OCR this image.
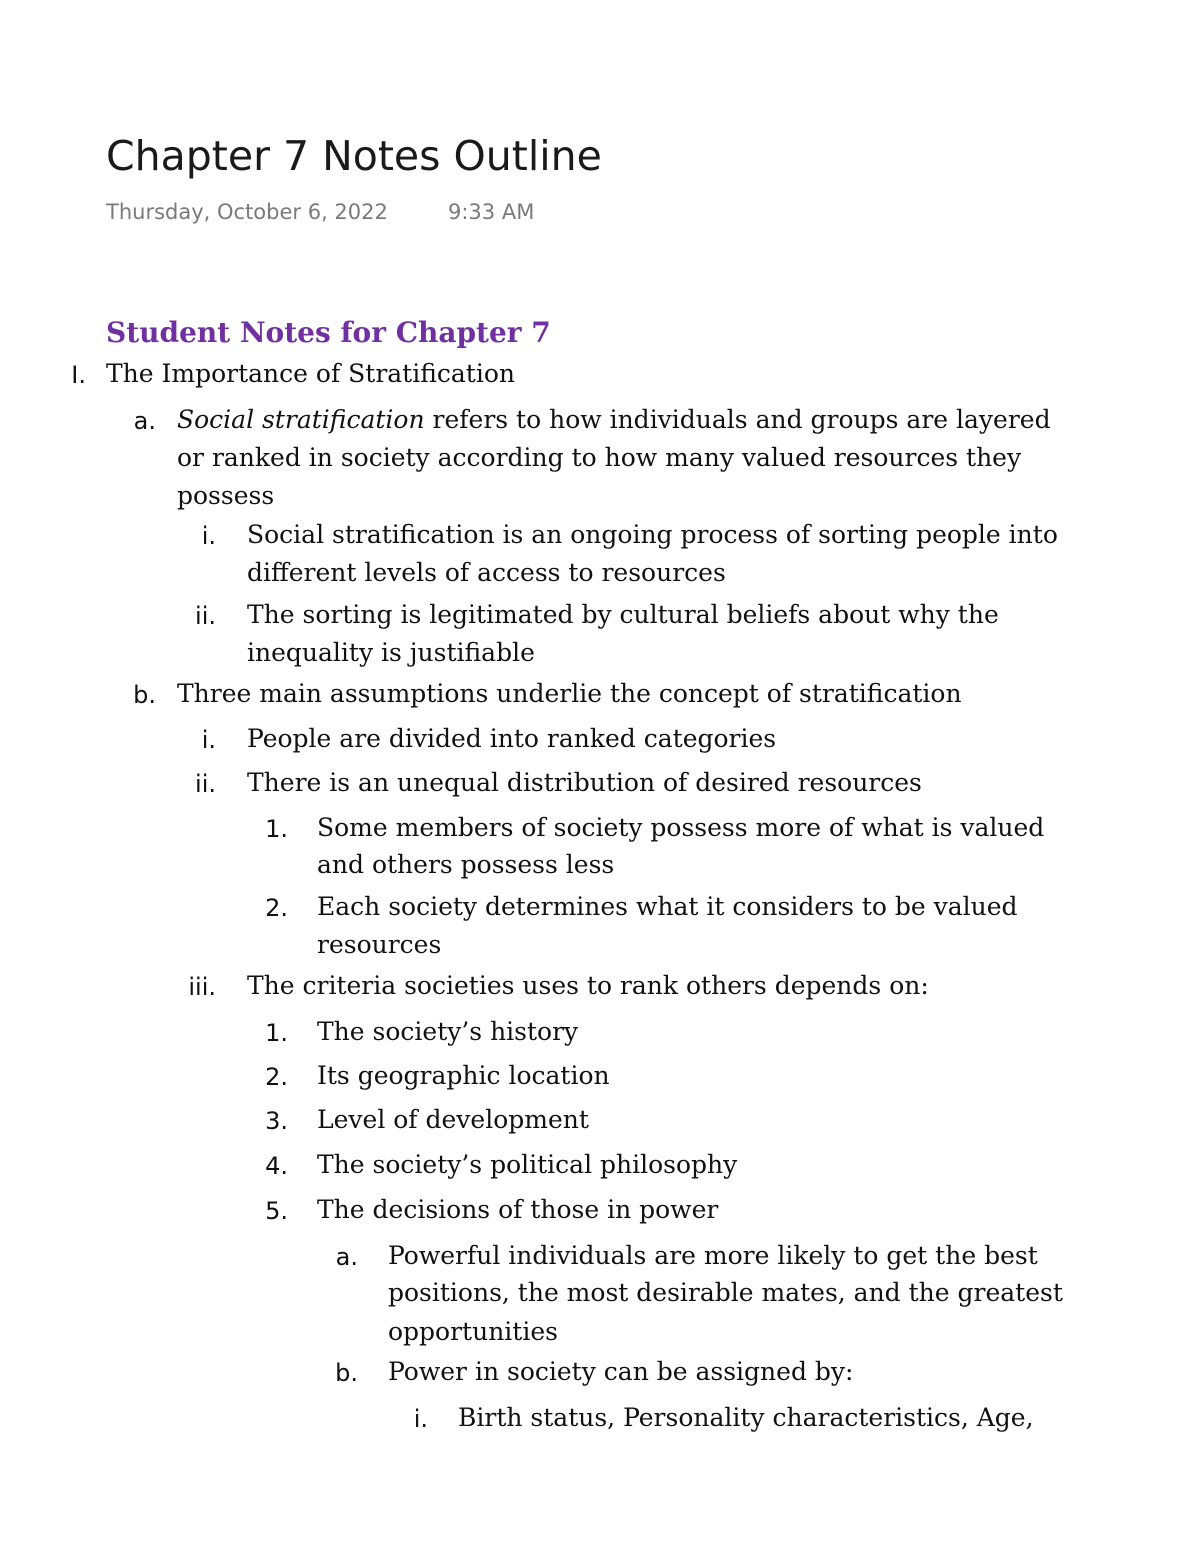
Chapter 7 Notes Outline
Thursday, October 6, 2022	9:33 AM
Student Notes for Chapter 7
I. The Importance of Stratification
a. Social stratification refers to how individuals and groups are layered
or ranked in society according to how many valued resources they
possess
i. Social stratification is an ongoing process of sorting people into
different levels of access to resources
ii. The sorting is legitimated by cultural beliefs about why the
inequality is justifiable
b. Three main assumptions underlie the concept of stratification
i. People are divided into ranked categories
ii. There is an unequal distribution of desired resources
1. Some members of society possess more of what is valued
and others possess less
2. Each society determines what it considers to be valued
resources
iii. The criteria societies uses to rank others depends on:
1. The society’s history
2. Its geographic location
3. Level of development
4. The society’s political philosophy
5. The decisions of those in power
a. Powerful individuals are more likely to get the best
positions, the most desirable mates, and the greatest
opportunities
b. Power in society can be assigned by:
i. Birth status, Personality characteristics, Age,
